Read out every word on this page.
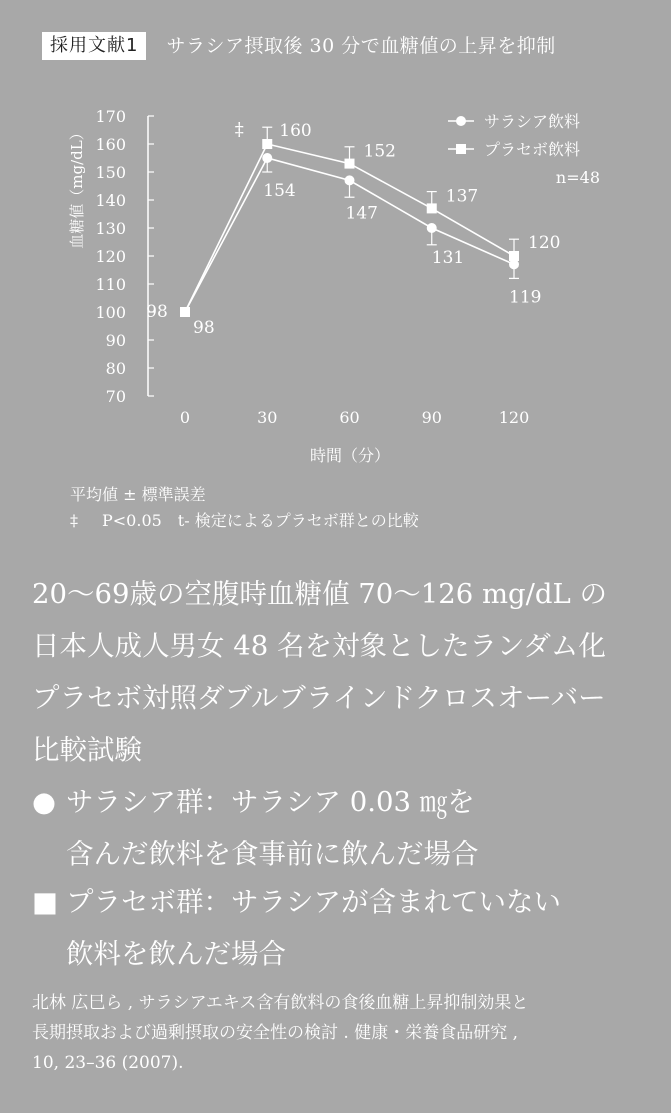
採用文献1	サラシア摂取後 30 分で血糖値の上昇を抑制
70
80
90
100
110
120
130
140
150
160
170
血糖値（mg/dL）
0	30	60	90	120
時間（分）
98
160
152
137
120
98
154
147
131
119
‡	サラシア飲料
プラセボ飲料
n=48
平均値 ± 標準誤差
‡ P<0.05　t- 検定によるプラセボ群との比較
20〜69歳の空腹時血糖値 70〜126 mg/dL の
日本人成人男女 48 名を対象としたランダム化
プラセボ対照ダブルブラインドクロスオーバー
比較試験
● サラシア群：サラシア 0.03 ㎎を
含んだ飲料を食事前に飲んだ場合
■ プラセボ群：サラシアが含まれていない
飲料を飲んだ場合
北林 広巳ら , サラシアエキス含有飲料の食後血糖上昇抑制効果と
長期摂取および過剰摂取の安全性の検討 . 健康・栄養食品研究 ,
10, 23–36 (2007).
